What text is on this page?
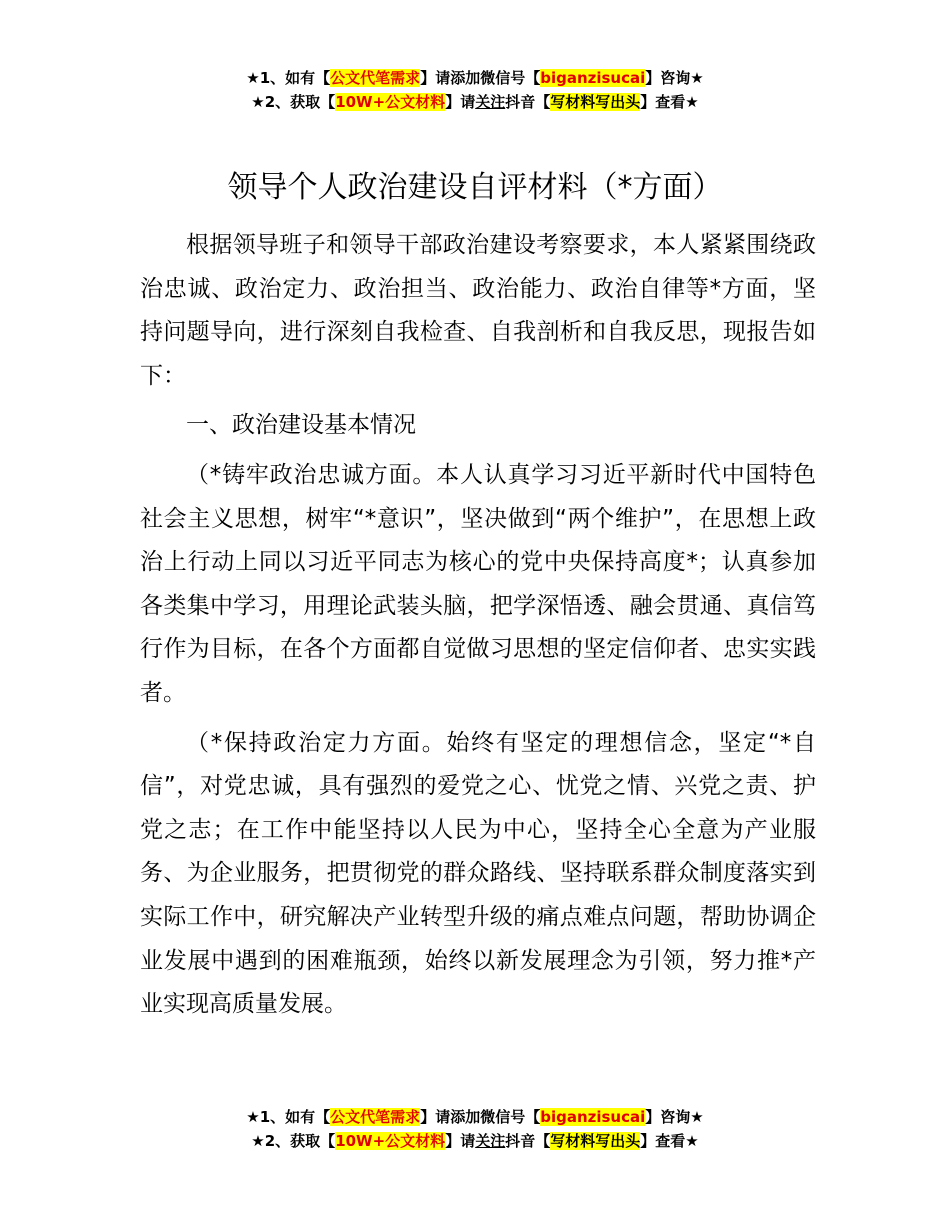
★1、如有【公文代笔需求】请添加微信号【biganzisucai】咨询★
★2、获取【10W+公文材料】请关注抖音【写材料写出头】查看★
领导个人政治建设自评材料（*方面）

根据领导班子和领导干部政治建设考察要求，本人紧紧围绕政治忠诚、政治定力、政治担当、政治能力、政治自律等*方面，坚持问题导向，进行深刻自我检查、自我剖析和自我反思，现报告如下：

一、政治建设基本情况

（*铸牢政治忠诚方面。本人认真学习习近平新时代中国特色社会主义思想，树牢“*意识”，坚决做到“两个维护”，在思想上政治上行动上同以习近平同志为核心的党中央保持高度*；认真参加各类集中学习，用理论武装头脑，把学深悟透、融会贯通、真信笃行作为目标，在各个方面都自觉做习思想的坚定信仰者、忠实实践者。

（*保持政治定力方面。始终有坚定的理想信念，坚定“*自信”，对党忠诚，具有强烈的爱党之心、忧党之情、兴党之责、护党之志；在工作中能坚持以人民为中心，坚持全心全意为产业服务、为企业服务，把贯彻党的群众路线、坚持联系群众制度落实到实际工作中，研究解决产业转型升级的痛点难点问题，帮助协调企业发展中遇到的困难瓶颈，始终以新发展理念为引领，努力推*产业实现高质量发展。

★1、如有【公文代笔需求】请添加微信号【biganzisucai】咨询★
★2、获取【10W+公文材料】请关注抖音【写材料写出头】查看★
